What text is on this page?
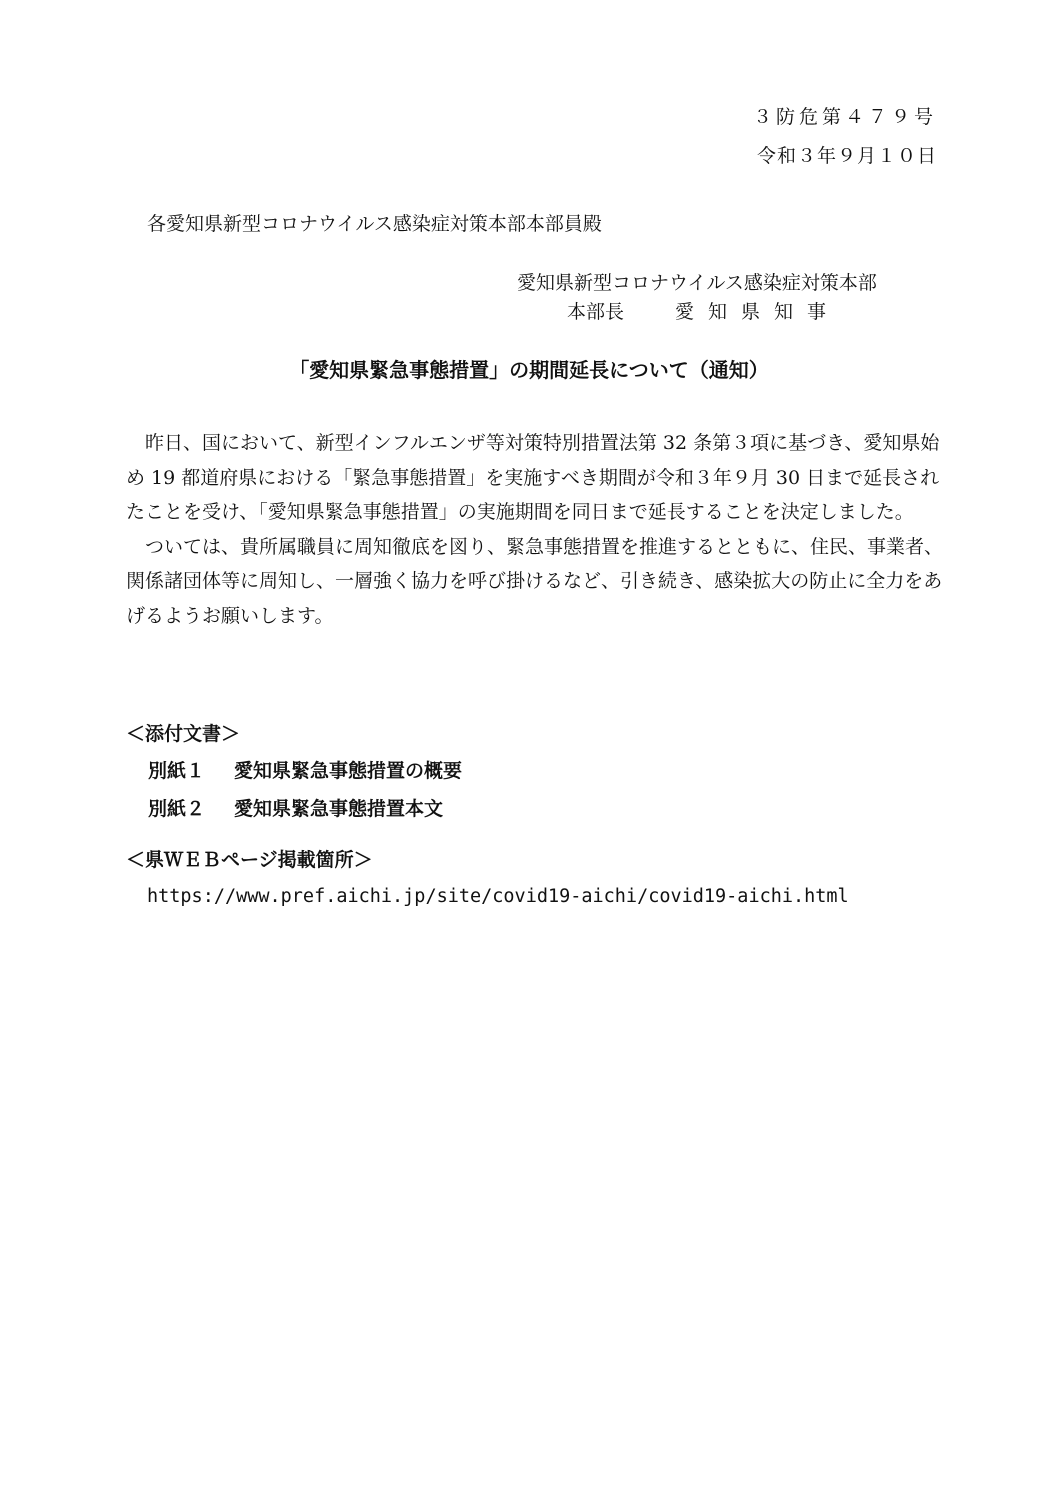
３防危第４７９号
令和３年９月１０日
各愛知県新型コロナウイルス感染症対策本部本部員殿
愛知県新型コロナウイルス感染症対策本部
本部長	愛知県知事
「愛知県緊急事態措置」の期間延長について（通知）

昨日、国において、新型インフルエンザ等対策特別措置法第 32 条第３項に基づき、愛知県始め 19 都道府県における「緊急事態措置」を実施すべき期間が令和３年９月 30 日まで延長されたことを受け、「愛知県緊急事態措置」の実施期間を同日まで延長することを決定しました。

ついては、貴所属職員に周知徹底を図り、緊急事態措置を推進するとともに、住民、事業者、関係諸団体等に周知し、一層強く協力を呼び掛けるなど、引き続き、感染拡大の防止に全力をあげるようお願いします。

＜添付文書＞
別紙１ 愛知県緊急事態措置の概要
別紙２ 愛知県緊急事態措置本文
＜県ＷＥＢページ掲載箇所＞
https://www.pref.aichi.jp/site/covid19-aichi/covid19-aichi.html
